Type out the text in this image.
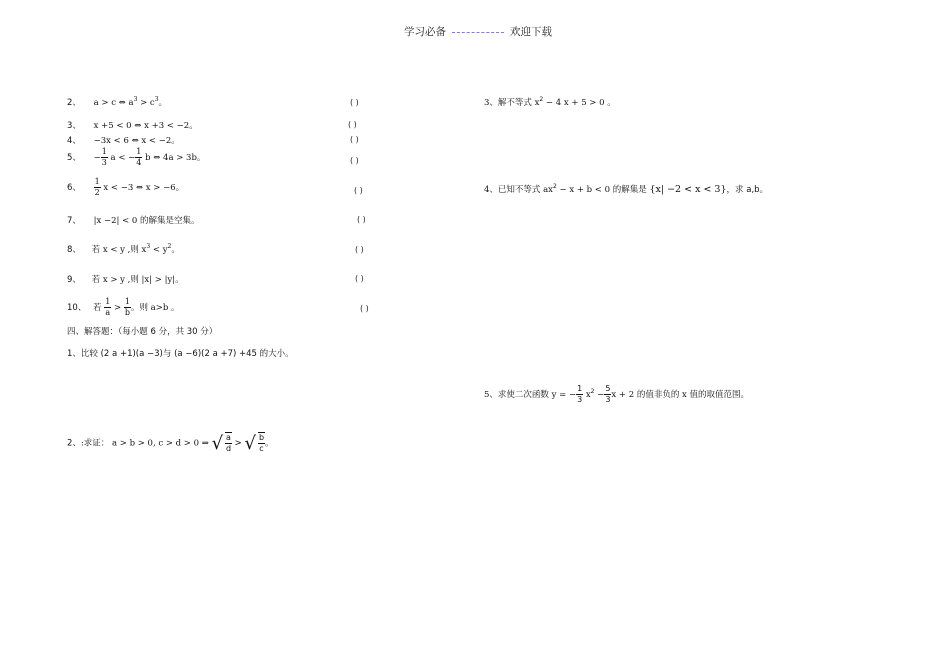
学习必备	欢迎下载
2、 a > c ⇔ $a^3 > c^3$。	( )
3、 x +5 < 0 ⇔ x +3 < −2。	( )
4、 −3x < 6 ⇔ x < −2。	( )
5、 − $\frac{1}{3}$ a < − $\frac{1}{4}$ b ⇔ 4a > 3b。	( )
6、 $\frac{1}{2}$ x < −3 ⇔ x > −6。	( )
7、 |x −2| < 0 的解集是空集。	( )
8、 若 x < y ,则 $x^3 < y^2$。	( )
9、 若 x > y ,则 |x| > |y|。	( )
10、 若 $\frac{1}{a} > \frac{1}{b}$ 。则 a>b 。	( )
四、解答题：（每小题 6 分，共 30 分）
1、比较 (2 a +1)(a −3)与 (a −6)(2 a +7) +45 的大小。
2、:求证： a > b > 0, c > d > 0 ⇒ √ $\frac{a}{d}$ > √ $\frac{b}{c}$ 。
3、解不等式 $x^2 - 4$ x + 5 > 0 。
4、已知不等式 $ax^2 - x + b < 0$ 的解集是 {x| −2 < x < 3}，求 a,b。
5、求使二次函数 y = − $\frac{1}{3} x^2 - \frac{5}{3}$ x + 2 的值非负的 x 值的取值范围。
